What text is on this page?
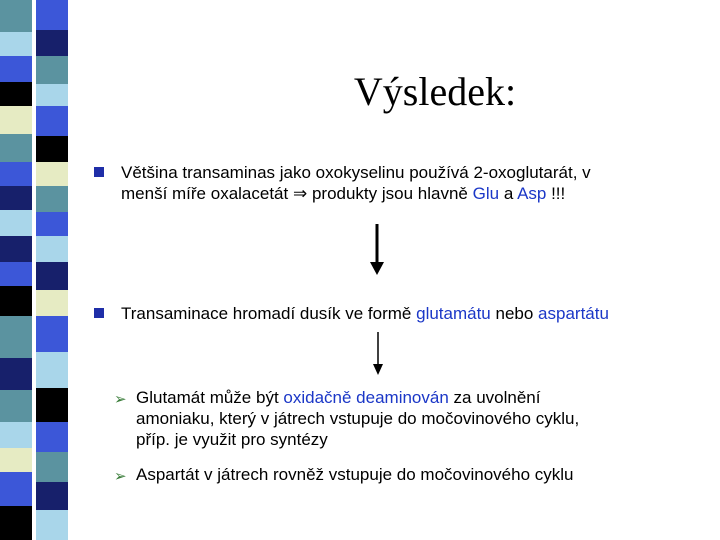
Výsledek:
Většina transaminas jako oxokyselinu používá 2-oxoglutarát, v
menší míře oxalacetát ⇒ produkty jsou hlavně Glu a Asp !!!
Transaminace hromadí dusík ve formě glutamátu nebo aspartátu
➢ Glutamát může být oxidačně deaminován za uvolnění
amoniaku, který v játrech vstupuje do močovinového cyklu,
příp. je využit pro syntézy
➢ Aspartát v játrech rovněž vstupuje do močovinového cyklu
